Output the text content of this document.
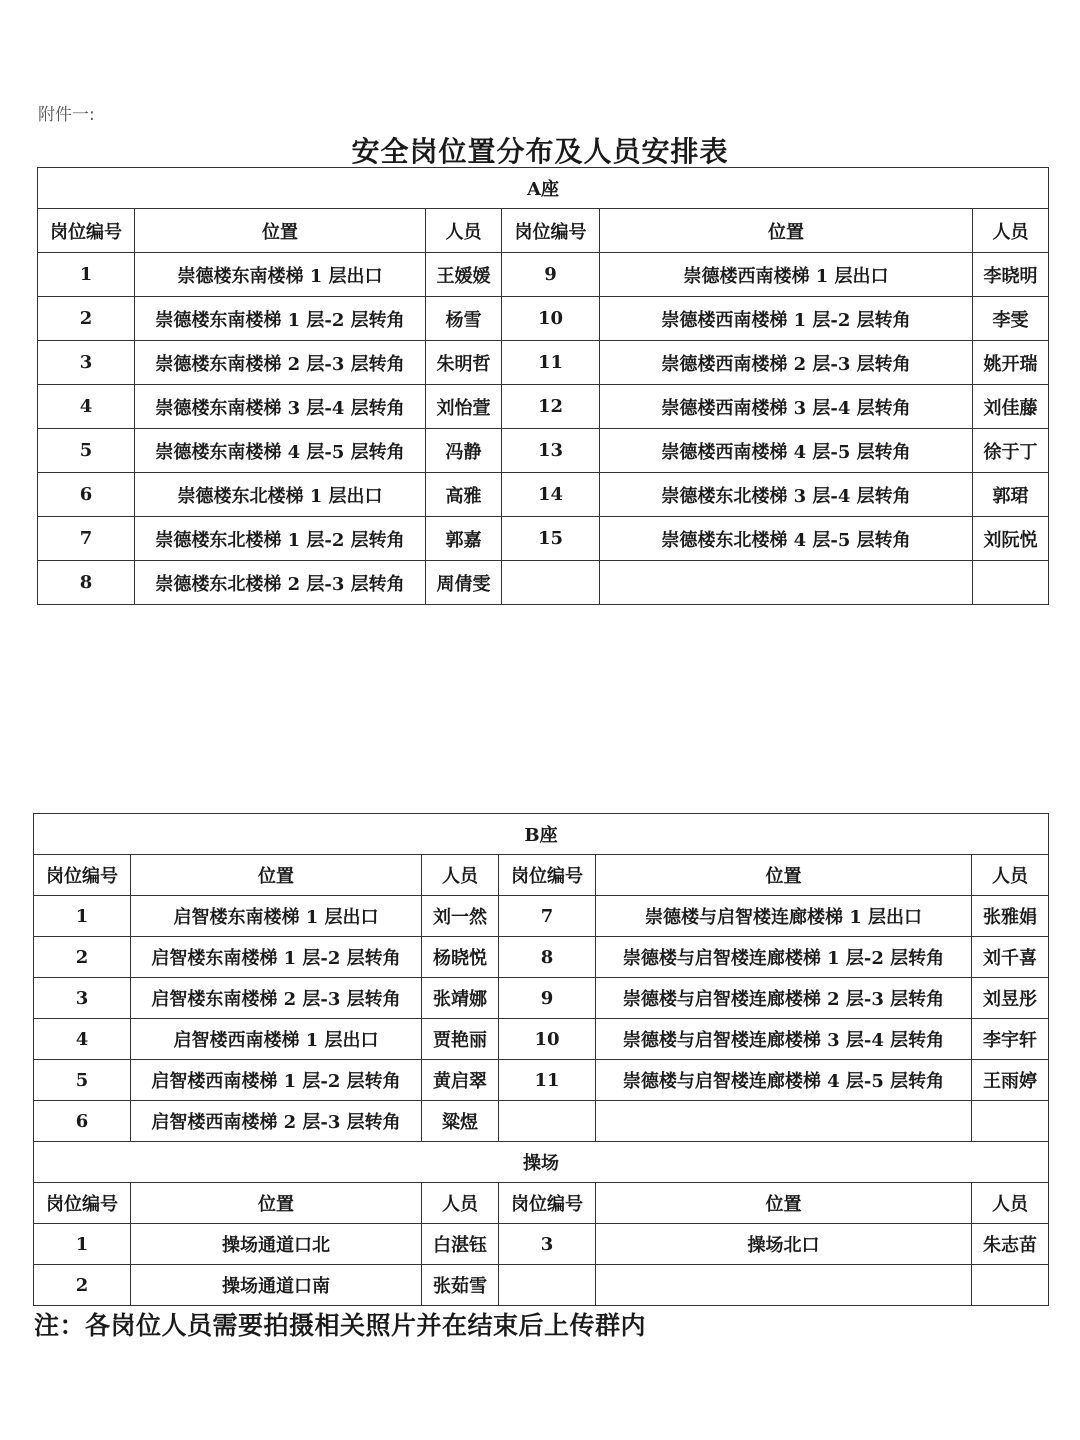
附件一:
安全岗位置分布及人员安排表
A座					
岗位编号	位置	人员	岗位编号	位置	人员
1	崇德楼东南楼梯 1 层出口	王媛媛	9	崇德楼西南楼梯 1 层出口	李晓明
2	崇德楼东南楼梯 1 层-2 层转角	杨雪	10	崇德楼西南楼梯 1 层-2 层转角	李雯
3	崇德楼东南楼梯 2 层-3 层转角	朱明哲	11	崇德楼西南楼梯 2 层-3 层转角	姚开瑞
4	崇德楼东南楼梯 3 层-4 层转角	刘怡萱	12	崇德楼西南楼梯 3 层-4 层转角	刘佳藤
5	崇德楼东南楼梯 4 层-5 层转角	冯静	13	崇德楼西南楼梯 4 层-5 层转角	徐于丁
6	崇德楼东北楼梯 1 层出口	高雅	14	崇德楼东北楼梯 3 层-4 层转角	郭珺
7	崇德楼东北楼梯 1 层-2 层转角	郭嘉	15	崇德楼东北楼梯 4 层-5 层转角	刘阮悦
8	崇德楼东北楼梯 2 层-3 层转角	周倩雯			
B座					
岗位编号	位置	人员	岗位编号	位置	人员
1	启智楼东南楼梯 1 层出口	刘一然	7	崇德楼与启智楼连廊楼梯 1 层出口	张雅娟
2	启智楼东南楼梯 1 层-2 层转角	杨晓悦	8	崇德楼与启智楼连廊楼梯 1 层-2 层转角	刘千喜
3	启智楼东南楼梯 2 层-3 层转角	张靖娜	9	崇德楼与启智楼连廊楼梯 2 层-3 层转角	刘昱彤
4	启智楼西南楼梯 1 层出口	贾艳丽	10	崇德楼与启智楼连廊楼梯 3 层-4 层转角	李宇轩
5	启智楼西南楼梯 1 层-2 层转角	黄启翠	11	崇德楼与启智楼连廊楼梯 4 层-5 层转角	王雨婷
6	启智楼西南楼梯 2 层-3 层转角	粱煜			
操场					
岗位编号	位置	人员	岗位编号	位置	人员
1	操场通道口北	白湛钰	3	操场北口	朱志苗
2	操场通道口南	张茹雪			
注：各岗位人员需要拍摄相关照片并在结束后上传群内
